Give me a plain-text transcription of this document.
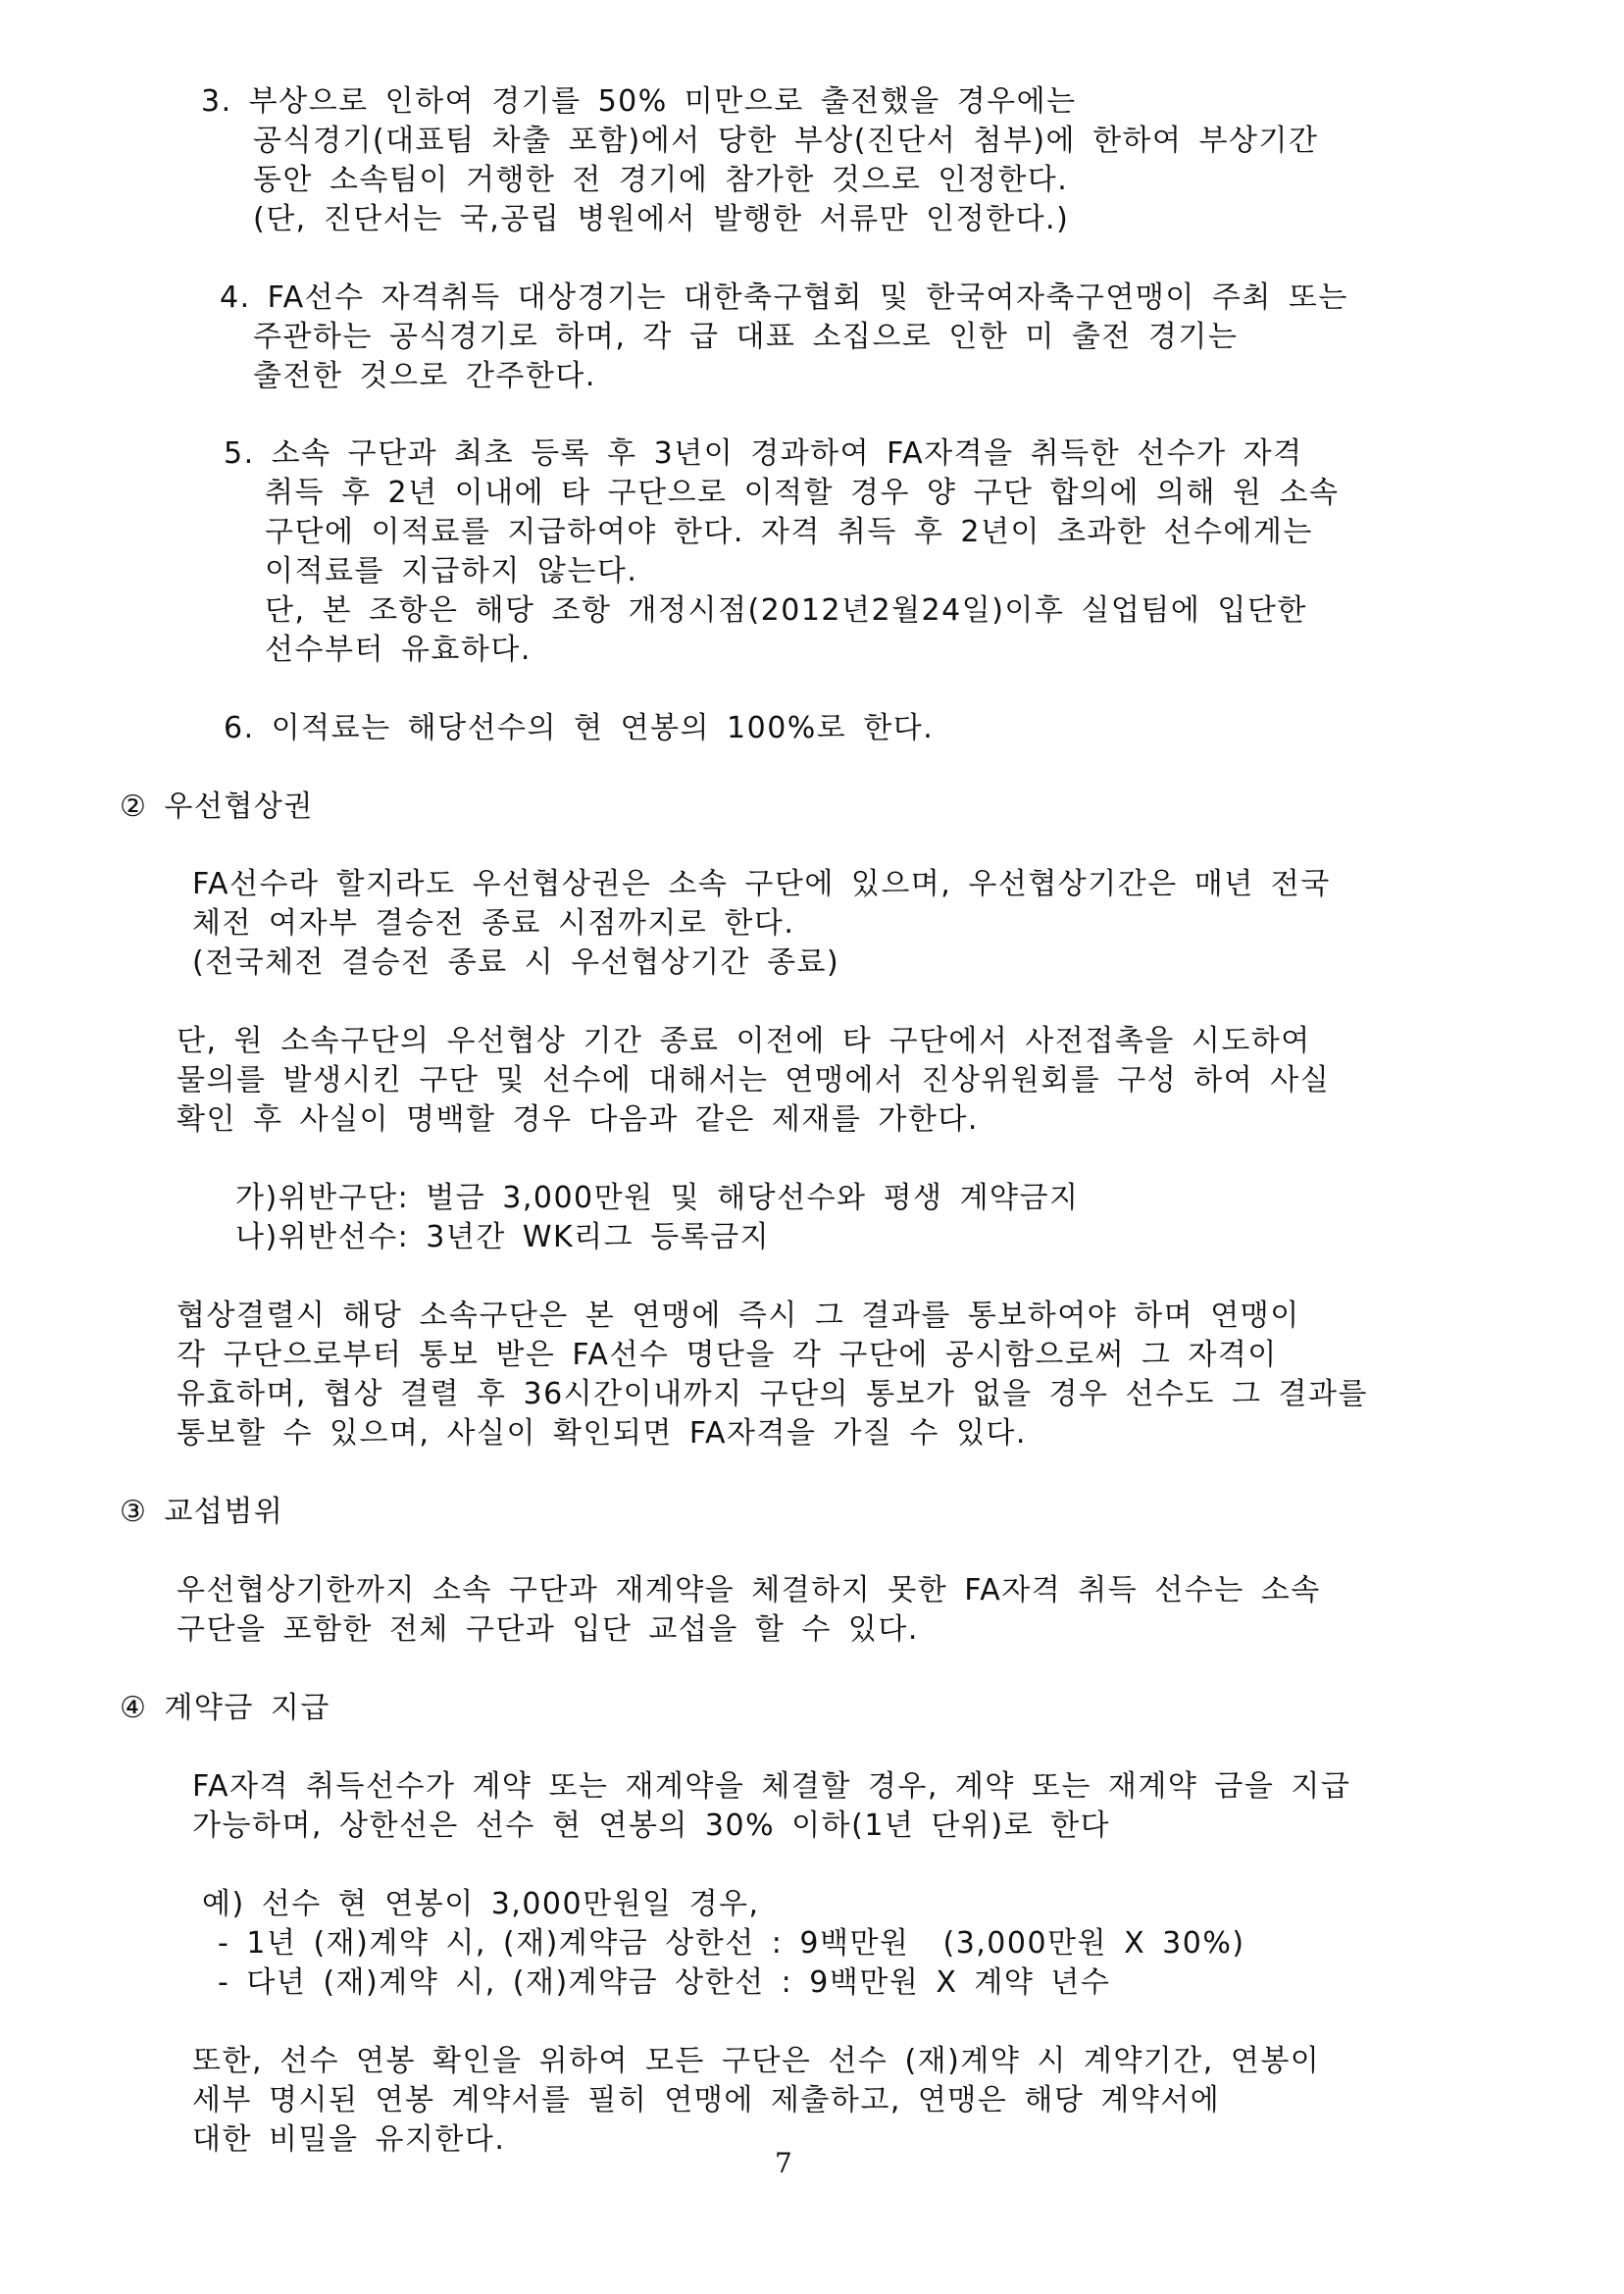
3. 부상으로 인하여 경기를 50% 미만으로 출전했을 경우에는
공식경기(대표팀 차출 포함)에서 당한 부상(진단서 첨부)에 한하여 부상기간
동안 소속팀이 거행한 전 경기에 참가한 것으로 인정한다.
(단, 진단서는 국,공립 병원에서 발행한 서류만 인정한다.)
4. FA선수 자격취득 대상경기는 대한축구협회 및 한국여자축구연맹이 주최 또는
주관하는 공식경기로 하며, 각 급 대표 소집으로 인한 미 출전 경기는
출전한 것으로 간주한다.
5. 소속 구단과 최초 등록 후 3년이 경과하여 FA자격을 취득한 선수가 자격
취득 후 2년 이내에 타 구단으로 이적할 경우 양 구단 합의에 의해 원 소속
구단에 이적료를 지급하여야 한다. 자격 취득 후 2년이 초과한 선수에게는
이적료를 지급하지 않는다.
단, 본 조항은 해당 조항 개정시점(2012년2월24일)이후 실업팀에 입단한
선수부터 유효하다.
6. 이적료는 해당선수의 현 연봉의 100%로 한다.
② 우선협상권
FA선수라 할지라도 우선협상권은 소속 구단에 있으며, 우선협상기간은 매년 전국
체전 여자부 결승전 종료 시점까지로 한다.
(전국체전 결승전 종료 시 우선협상기간 종료)
단, 원 소속구단의 우선협상 기간 종료 이전에 타 구단에서 사전접촉을 시도하여
물의를 발생시킨 구단 및 선수에 대해서는 연맹에서 진상위원회를 구성 하여 사실
확인 후 사실이 명백할 경우 다음과 같은 제재를 가한다.
가)위반구단: 벌금 3,000만원 및 해당선수와 평생 계약금지
나)위반선수: 3년간 WK리그 등록금지
협상결렬시 해당 소속구단은 본 연맹에 즉시 그 결과를 통보하여야 하며 연맹이
각 구단으로부터 통보 받은 FA선수 명단을 각 구단에 공시함으로써 그 자격이
유효하며, 협상 결렬 후 36시간이내까지 구단의 통보가 없을 경우 선수도 그 결과를
통보할 수 있으며, 사실이 확인되면 FA자격을 가질 수 있다.
③ 교섭범위
우선협상기한까지 소속 구단과 재계약을 체결하지 못한 FA자격 취득 선수는 소속
구단을 포함한 전체 구단과 입단 교섭을 할 수 있다.
④ 계약금 지급
FA자격 취득선수가 계약 또는 재계약을 체결할 경우, 계약 또는 재계약 금을 지급
가능하며, 상한선은 선수 현 연봉의 30% 이하(1년 단위)로 한다
예) 선수 현 연봉이 3,000만원일 경우,
- 1년 (재)계약 시, (재)계약금 상한선 : 9백만원  (3,000만원 X 30%)
- 다년 (재)계약 시, (재)계약금 상한선 : 9백만원 X 계약 년수
또한, 선수 연봉 확인을 위하여 모든 구단은 선수 (재)계약 시 계약기간, 연봉이
세부 명시된 연봉 계약서를 필히 연맹에 제출하고, 연맹은 해당 계약서에
대한 비밀을 유지한다.
7
